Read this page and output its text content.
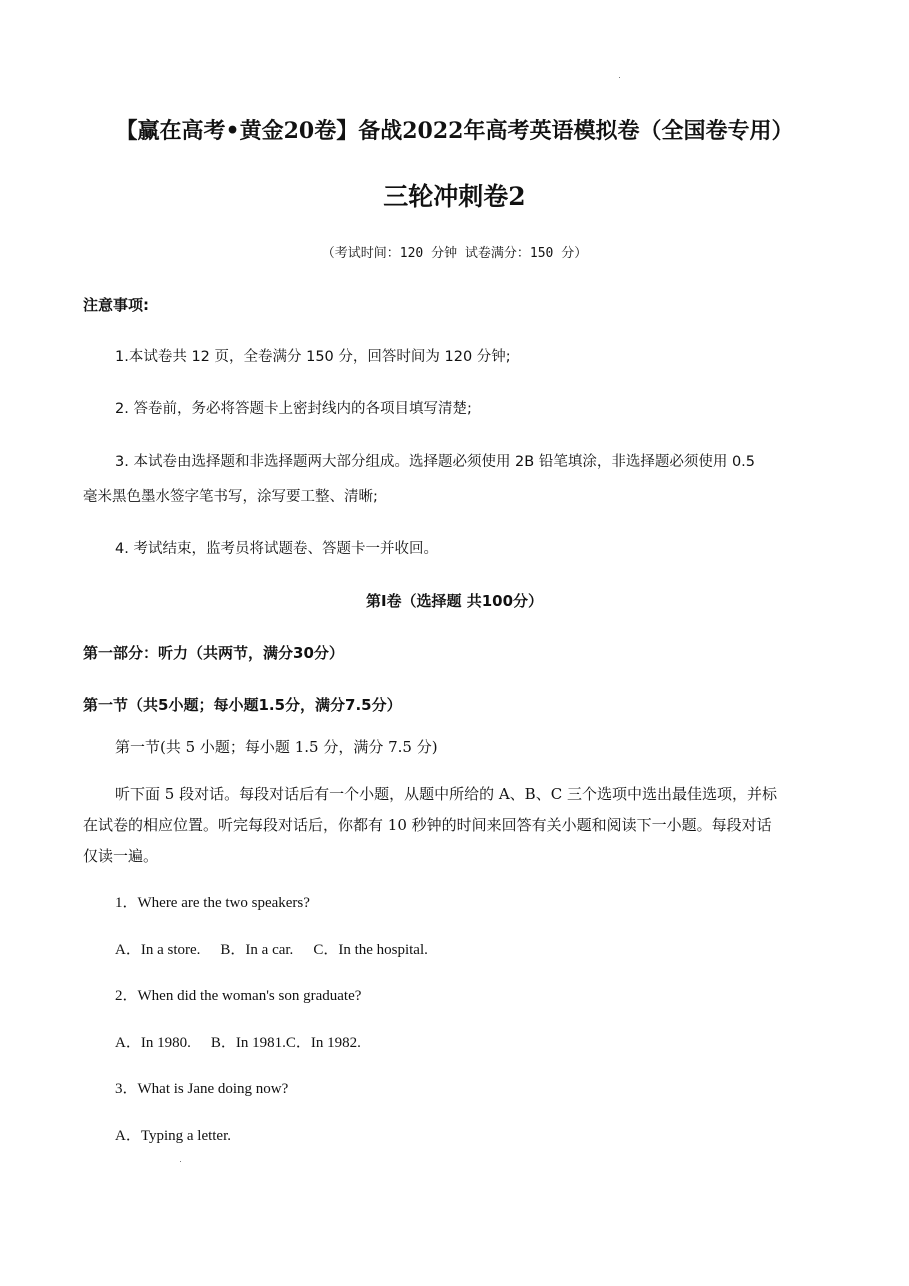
【赢在高考•黄金20卷】备战2022年高考英语模拟卷（全国卷专用）
三轮冲刺卷2
（考试时间：120 分钟 试卷满分：150 分）
注意事项:
1.本试卷共 12 页，全卷满分 150 分，回答时间为 120 分钟;
2. 答卷前，务必将答题卡上密封线内的各项目填写清楚;
3. 本试卷由选择题和非选择题两大部分组成。选择题必须使用 2B 铅笔填涂，非选择题必须使用 0.5
毫米黑色墨水签字笔书写，涂写要工整、清晰;
4. 考试结束，监考员将试题卷、答题卡一并收回。
第I卷（选择题 共100分）
第一部分：听力（共两节，满分30分）
第一节（共5小题；每小题1.5分，满分7.5分）
第一节(共 5 小题；每小题 1.5 分，满分 7.5 分)
听下面 5 段对话。每段对话后有一个小题，从题中所给的 A、B、C 三个选项中选出最佳选项，并标
在试卷的相应位置。听完每段对话后，你都有 10 秒钟的时间来回答有关小题和阅读下一小题。每段对话
仅读一遍。
1．Where are the two speakers?
A．In a store. B．In a car. C．In the hospital.
2．When did the woman's son graduate?
A．In 1980. B．In 1981.C．In 1982.
3．What is Jane doing now?
A．Typing a letter.
